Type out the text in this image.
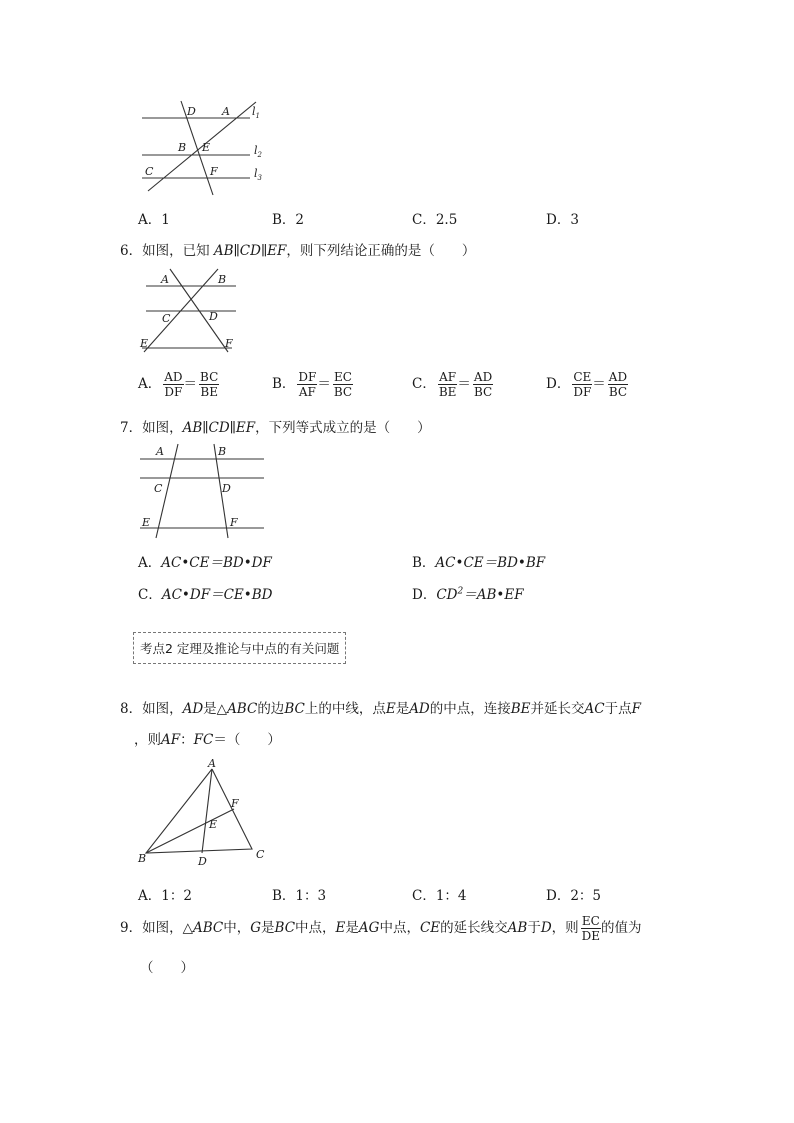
D A
B E
C	F
$l_1$
$l_2$
$l_3$
A．1	B．2	C．2.5	D．3
6．如图，已知 AB∥CD∥EF，则下列结论正确的是（　　）
A	B
C	D
E	F
A． $\frac{AD}{DF} = \frac{BC}{BE}$	B． $\frac{DF}{AF} = \frac{EC}{BC}$	C． $\frac{AF}{BE} = \frac{AD}{BC}$	D． $\frac{CE}{DF} = \frac{AD}{BC}$
7．如图，AB∥CD∥EF，下列等式成立的是（　　）
A	B
C	D
E	F
A．AC•CE＝BD•DF	B．AC•CE＝BD•BF
C．AC•DF＝CE•BD	D．$CD^2=AB•EF$
考点2 定理及推论与中点的有关问题
8．如图，AD是△ABC的边BC上的中线，点E是AD的中点，连接BE并延长交AC于点F
，则AF：FC＝（　　）
A
F
E
B	D
C
A．1：2	B．1：3	C．1：4	D．2：5
9．如图，△ABC中，G是BC中点，E是AG中点，CE的延长线交AB于D，则 $\frac{EC}{DE}$ 的值为
（　　）
